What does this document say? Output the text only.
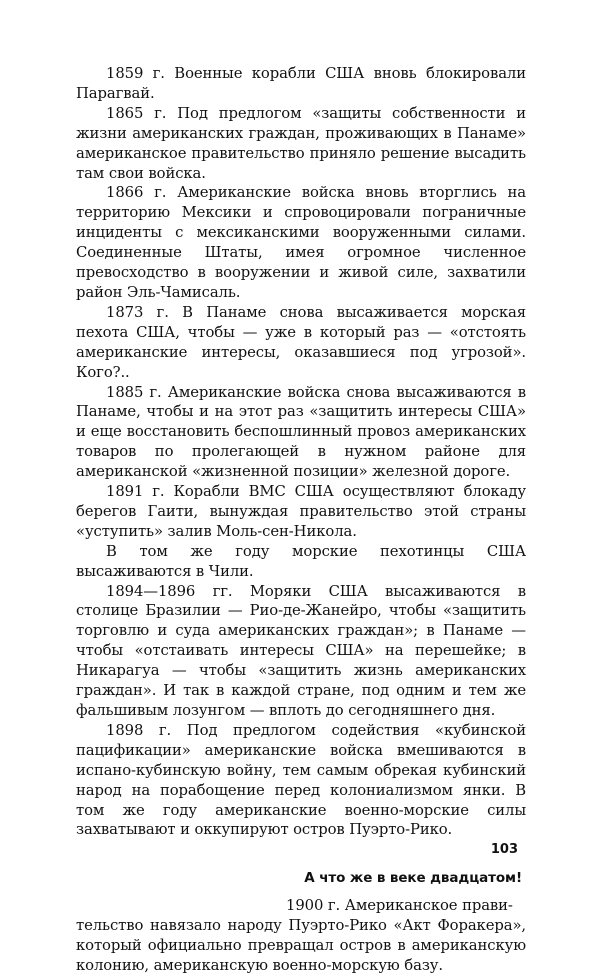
1859 г. Военные корабли США вновь блокировали Парагвай.

1865 г. Под предлогом «защиты собственности и жизни американских граждан, проживающих в Панаме» американское правительство приняло решение высадить там свои войска.

1866 г. Американские войска вновь вторглись на территорию Мексики и спровоцировали пограничные инциденты с мексиканскими вооруженными силами. Соединенные Штаты, имея огромное численное превосходство в вооружении и живой силе, захватили район Эль-Чамисаль.

1873 г. В Панаме снова высаживается морская пехота США, чтобы — уже в который раз — «отстоять американские интересы, оказавшиеся под угрозой». Кого?..

1885 г. Американские войска снова высаживаются в Панаме, чтобы и на этот раз «защитить интересы США» и еще восстановить беспошлинный провоз американских товаров по пролегающей в нужном районе для американской «жизненной позиции» железной дороге.

1891 г. Корабли ВМС США осуществляют блокаду берегов Гаити, вынуждая правительство этой страны «уступить» залив Моль-сен-Никола.

В том же году морские пехотинцы США высаживаются в Чили.

1894—1896 гг. Моряки США высаживаются в столице Бразилии — Рио-де-Жанейро, чтобы «защитить торговлю и суда американских граждан»; в Панаме — чтобы «отстаивать интересы США» на перешейке; в Никарагуа — чтобы «защитить жизнь американских граждан». И так в каждой стране, под одним и тем же фальшивым лозунгом — вплоть до сегодняшнего дня.

1898 г. Под предлогом содействия «кубинской пацификации» американские войска вмешиваются в испано-кубинскую войну, тем самым обрекая кубинский народ на порабощение перед колониализмом янки. В том же году американские военно-морские силы захватывают и оккупируют остров Пуэрто-Рико.

А что же в веке двадцатом!

1900 г. Американское прави-
тельство навязало народу Пуэрто-Рико «Акт Форакера», который официально превращал остров в американскую колонию, американскую военно-морскую базу.

103
